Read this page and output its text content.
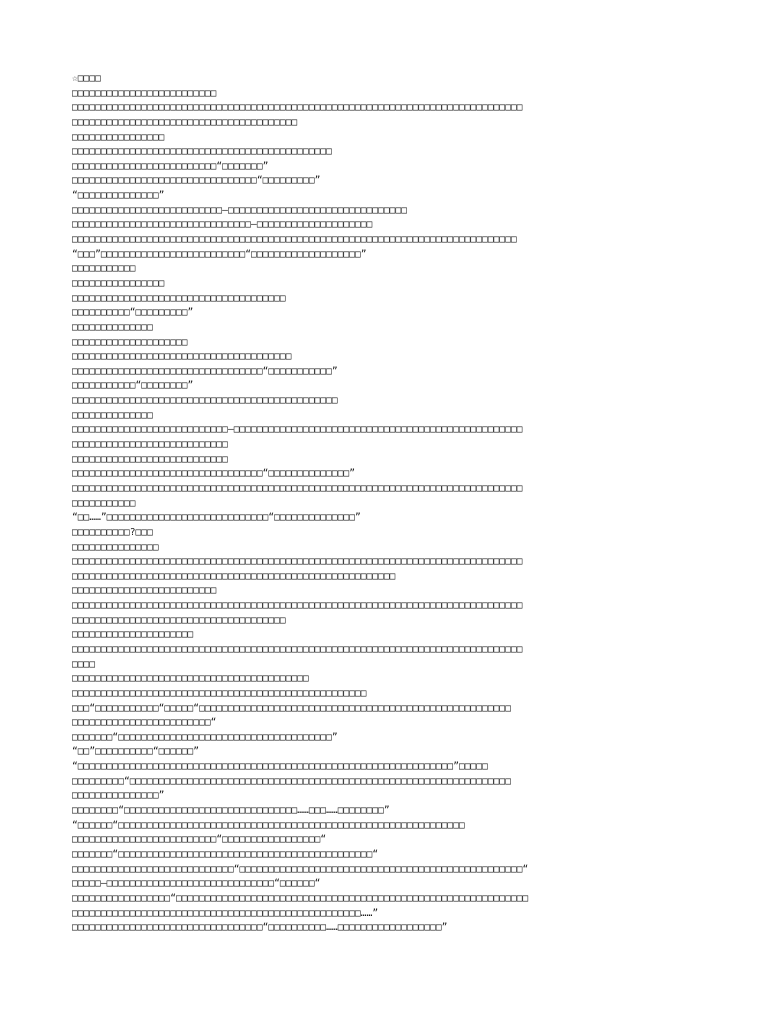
☆□□□□
□□□□□□□□□□□□□□□□□□□□□□□□□
□□□□□□□□□□□□□□□□□□□□□□□□□□□□□□□□□□□□□□□□□□□□□□□□□□□□□□□□□□□□□□□□□□□□□□□□□□□□□□
□□□□□□□□□□□□□□□□□□□□□□□□□□□□□□□□□□□□□□□
□□□□□□□□□□□□□□□□
□□□□□□□□□□□□□□□□□□□□□□□□□□□□□□□□□□□□□□□□□□□□□
□□□□□□□□□□□□□□□□□□□□□□□□□“□□□□□□□”
□□□□□□□□□□□□□□□□□□□□□□□□□□□□□□□□“□□□□□□□□□”
“□□□□□□□□□□□□□□”
□□□□□□□□□□□□□□□□□□□□□□□□□□—□□□□□□□□□□□□□□□□□□□□□□□□□□□□□□□
□□□□□□□□□□□□□□□□□□□□□□□□□□□□□□□—□□□□□□□□□□□□□□□□□□□□
□□□□□□□□□□□□□□□□□□□□□□□□□□□□□□□□□□□□□□□□□□□□□□□□□□□□□□□□□□□□□□□□□□□□□□□□□□□□□
“□□□”□□□□□□□□□□□□□□□□□□□□□□□□□“□□□□□□□□□□□□□□□□□□□”
□□□□□□□□□□□
□□□□□□□□□□□□□□□□
□□□□□□□□□□□□□□□□□□□□□□□□□□□□□□□□□□□□□
□□□□□□□□□□“□□□□□□□□□”
□□□□□□□□□□□□□□
□□□□□□□□□□□□□□□□□□□□
□□□□□□□□□□□□□□□□□□□□□□□□□□□□□□□□□□□□□□
□□□□□□□□□□□□□□□□□□□□□□□□□□□□□□□□□“□□□□□□□□□□□”
□□□□□□□□□□□“□□□□□□□□”
□□□□□□□□□□□□□□□□□□□□□□□□□□□□□□□□□□□□□□□□□□□□□□
□□□□□□□□□□□□□□
□□□□□□□□□□□□□□□□□□□□□□□□□□□—□□□□□□□□□□□□□□□□□□□□□□□□□□□□□□□□□□□□□□□□□□□□□□□□□□
□□□□□□□□□□□□□□□□□□□□□□□□□□□
□□□□□□□□□□□□□□□□□□□□□□□□□□□
□□□□□□□□□□□□□□□□□□□□□□□□□□□□□□□□□“□□□□□□□□□□□□□□”
□□□□□□□□□□□□□□□□□□□□□□□□□□□□□□□□□□□□□□□□□□□□□□□□□□□□□□□□□□□□□□□□□□□□□□□□□□□□□□
□□□□□□□□□□□
“□□……”□□□□□□□□□□□□□□□□□□□□□□□□□□□□“□□□□□□□□□□□□□□”
□□□□□□□□□□?□□□
□□□□□□□□□□□□□□□
□□□□□□□□□□□□□□□□□□□□□□□□□□□□□□□□□□□□□□□□□□□□□□□□□□□□□□□□□□□□□□□□□□□□□□□□□□□□□□
□□□□□□□□□□□□□□□□□□□□□□□□□□□□□□□□□□□□□□□□□□□□□□□□□□□□□□□□
□□□□□□□□□□□□□□□□□□□□□□□□□
□□□□□□□□□□□□□□□□□□□□□□□□□□□□□□□□□□□□□□□□□□□□□□□□□□□□□□□□□□□□□□□□□□□□□□□□□□□□□□
□□□□□□□□□□□□□□□□□□□□□□□□□□□□□□□□□□□□□
□□□□□□□□□□□□□□□□□□□□□
□□□□□□□□□□□□□□□□□□□□□□□□□□□□□□□□□□□□□□□□□□□□□□□□□□□□□□□□□□□□□□□□□□□□□□□□□□□□□□
□□□□
□□□□□□□□□□□□□□□□□□□□□□□□□□□□□□□□□□□□□□□□□
□□□□□□□□□□□□□□□□□□□□□□□□□□□□□□□□□□□□□□□□□□□□□□□□□□□
□□□“□□□□□□□□□□□“□□□□□“□□□□□□□□□□□□□□□□□□□□□□□□□□□□□□□□□□□□□□□□□□□□□□□□□□□□□□
□□□□□□□□□□□□□□□□□□□□□□□□“
□□□□□□□“□□□□□□□□□□□□□□□□□□□□□□□□□□□□□□□□□□□□□”
“□□”□□□□□□□□□□“□□□□□□”
“□□□□□□□□□□□□□□□□□□□□□□□□□□□□□□□□□□□□□□□□□□□□□□□□□□□□□□□□□□□□□□□□□”□□□□□
□□□□□□□□□“□□□□□□□□□□□□□□□□□□□□□□□□□□□□□□□□□□□□□□□□□□□□□□□□□□□□□□□□□□□□□□□□□□
□□□□□□□□□□□□□□□”
□□□□□□□□“□□□□□□□□□□□□□□□□□□□□□□□□□□□□□□……□□□……□□□□□□□□”
“□□□□□□“□□□□□□□□□□□□□□□□□□□□□□□□□□□□□□□□□□□□□□□□□□□□□□□□□□□□□□□□□□□□
□□□□□□□□□□□□□□□□□□□□□□□□□“□□□□□□□□□□□□□□□□□“
□□□□□□□“□□□□□□□□□□□□□□□□□□□□□□□□□□□□□□□□□□□□□□□□□□□□“
□□□□□□□□□□□□□□□□□□□□□□□□□□□□“□□□□□□□□□□□□□□□□□□□□□□□□□□□□□□□□□□□□□□□□□□□□□□□□□“
□□□□□—□□□□□□□□□□□□□□□□□□□□□□□□□□□□□“□□□□□□“
□□□□□□□□□□□□□□□□□“□□□□□□□□□□□□□□□□□□□□□□□□□□□□□□□□□□□□□□□□□□□□□□□□□□□□□□□□□□□□□
□□□□□□□□□□□□□□□□□□□□□□□□□□□□□□□□□□□□□□□□□□□□□□□□□□……”
□□□□□□□□□□□□□□□□□□□□□□□□□□□□□□□□□“□□□□□□□□□□……□□□□□□□□□□□□□□□□□□”
